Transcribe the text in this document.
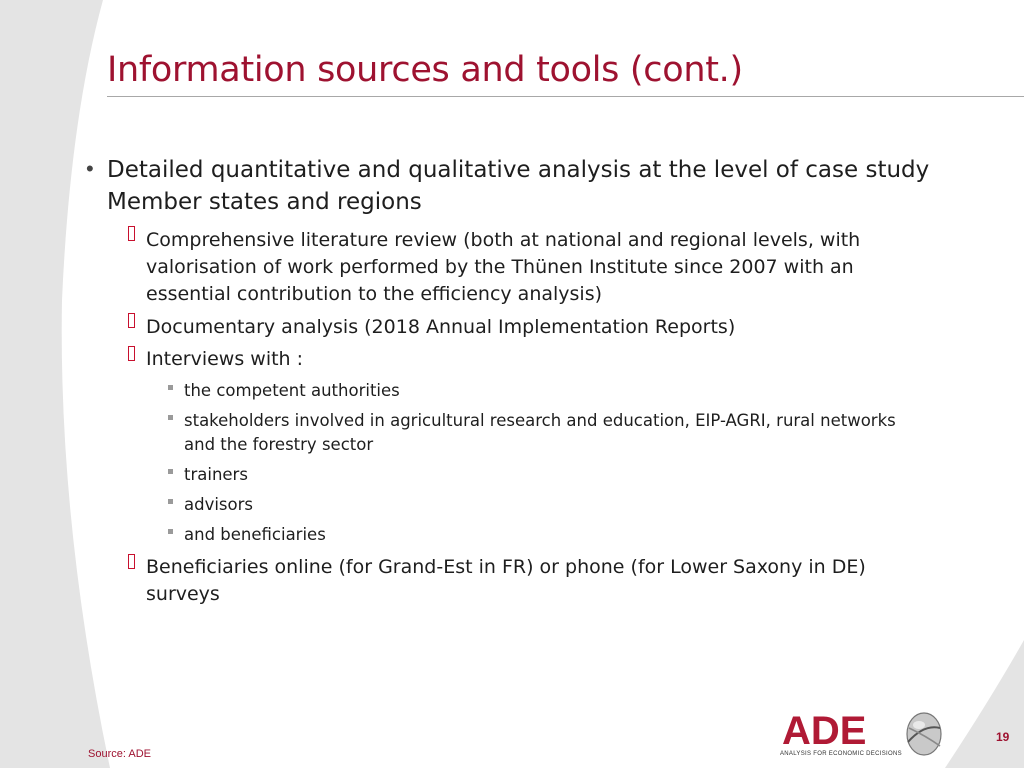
Information sources and tools (cont.)
• Detailed quantitative and qualitative analysis at the level of case study
Member states and regions
Comprehensive literature review (both at national and regional levels, with
valorisation of work performed by the Thünen Institute since 2007 with an
essential contribution to the efficiency analysis)
Documentary analysis (2018 Annual Implementation Reports)
Interviews with :
the competent authorities
stakeholders involved in agricultural research and education, EIP-AGRI, rural networks
and the forestry sector
trainers
advisors
and beneficiaries
Beneficiaries online (for Grand-Est in FR) or phone (for Lower Saxony in DE)
surveys
ADE
ANALYSIS FOR ECONOMIC DECISIONS
19
Source: ADE
